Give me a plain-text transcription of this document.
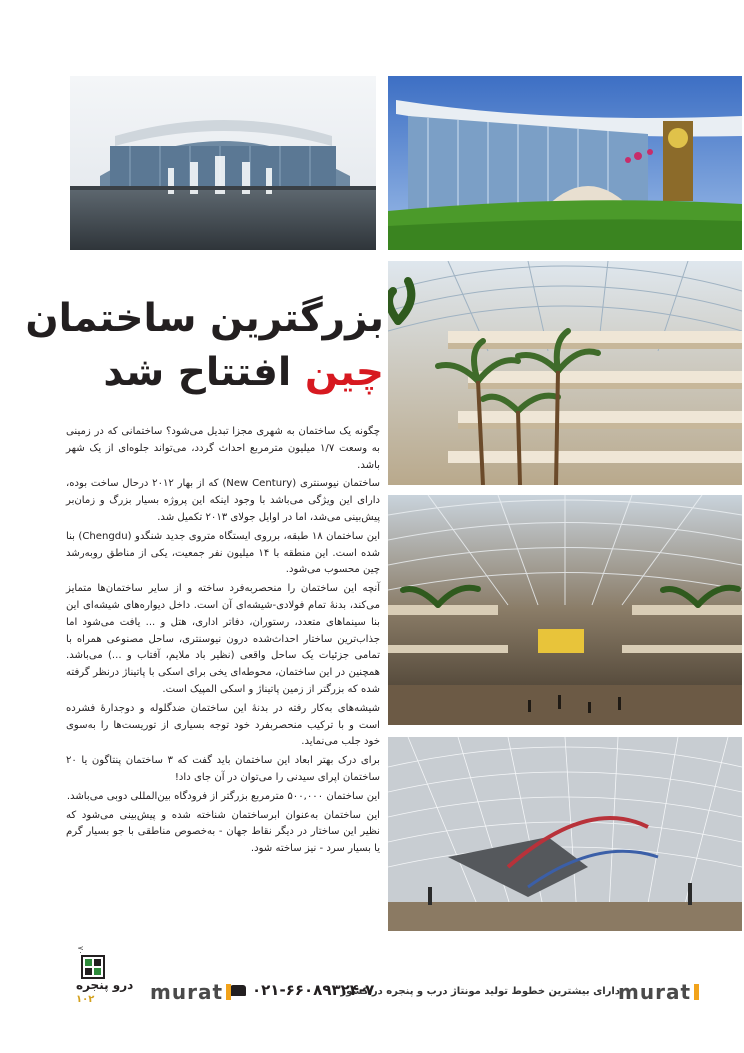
بزرگترین ساختمان
چین افتتاح شد

چگونه یک ساختمان به شهری مجزا تبدیل می‌شود؟ ساختمانی که در زمینی به وسعت ۱/۷ میلیون مترمربع احداث گردد، می‌تواند جلوه‌ای از یک شهر باشد.

ساختمان نیوسنتری (New Century) که از بهار ۲۰۱۲ درحال ساخت بوده، دارای این ویژگی می‌باشد با وجود اینکه این پروژه بسیار بزرگ و زمان‌بر پیش‌بینی می‌شد، اما در اوایل جولای ۲۰۱۳ تکمیل شد.

این ساختمان ۱۸ طبقه، برروی ایستگاه متروی جدید شنگدو (Chengdu) بنا شده است. این منطقه با ۱۴ میلیون نفر جمعیت، یکی از مناطق روبه‌رشد چین محسوب می‌شود.

آنچه این ساختمان را منحصربه‌فرد ساخته و از سایر ساختمان‌ها متمایز می‌کند، بدنۀ تمام فولادی-شیشه‌ای آن است. داخل دیواره‌های شیشه‌ای این بنا سینماهای متعدد، رستوران، دفاتر اداری، هتل و ... یافت می‌شود اما جذاب‌ترین ساختار احداث‌شده درون نیوسنتری، ساحل مصنوعی همراه با تمامی جزئیات یک ساحل واقعی (نظیر باد ملایم، آفتاب و ...) می‌باشد. همچنین در این ساختمان، محوطه‌ای یخی برای اسکی با پاتیناژ درنظر گرفته شده که بزرگتر از زمین پاتیناژ و اسکی المپیک است.

شیشه‌های به‌کار رفته در بدنۀ این ساختمان ضدگلوله و دوجدارۀ فشرده است و با ترکیب منحصربفرد خود توجه بسیاری از توریست‌ها را به‌سوی خود جلب می‌نماید.

برای درک بهتر ابعاد این ساختمان باید گفت که ۳ ساختمان پنتاگون یا ۲۰ ساختمان اپرای سیدنی را می‌توان در آن جای داد!

این ساختمان ۵۰۰,۰۰۰ مترمربع بزرگتر از فرودگاه بین‌المللی دوبی می‌باشد.

این ساختمان به‌عنوان ابرساختمان شناخته شده و پیش‌بینی می‌شود که نظیر این ساختار در دیگر نقاط جهان - به‌خصوص مناطقی با جو بسیار گرم یا بسیار سرد - نیز ساخته شود.

murat
دارای بیشترین خطوط تولید مونتاژ درب و پنجره در کشور
۰۲۱-۶۶۰۸۹۳۲۴-۷
murat
۷۰
درو پنجره
۱۰۲
